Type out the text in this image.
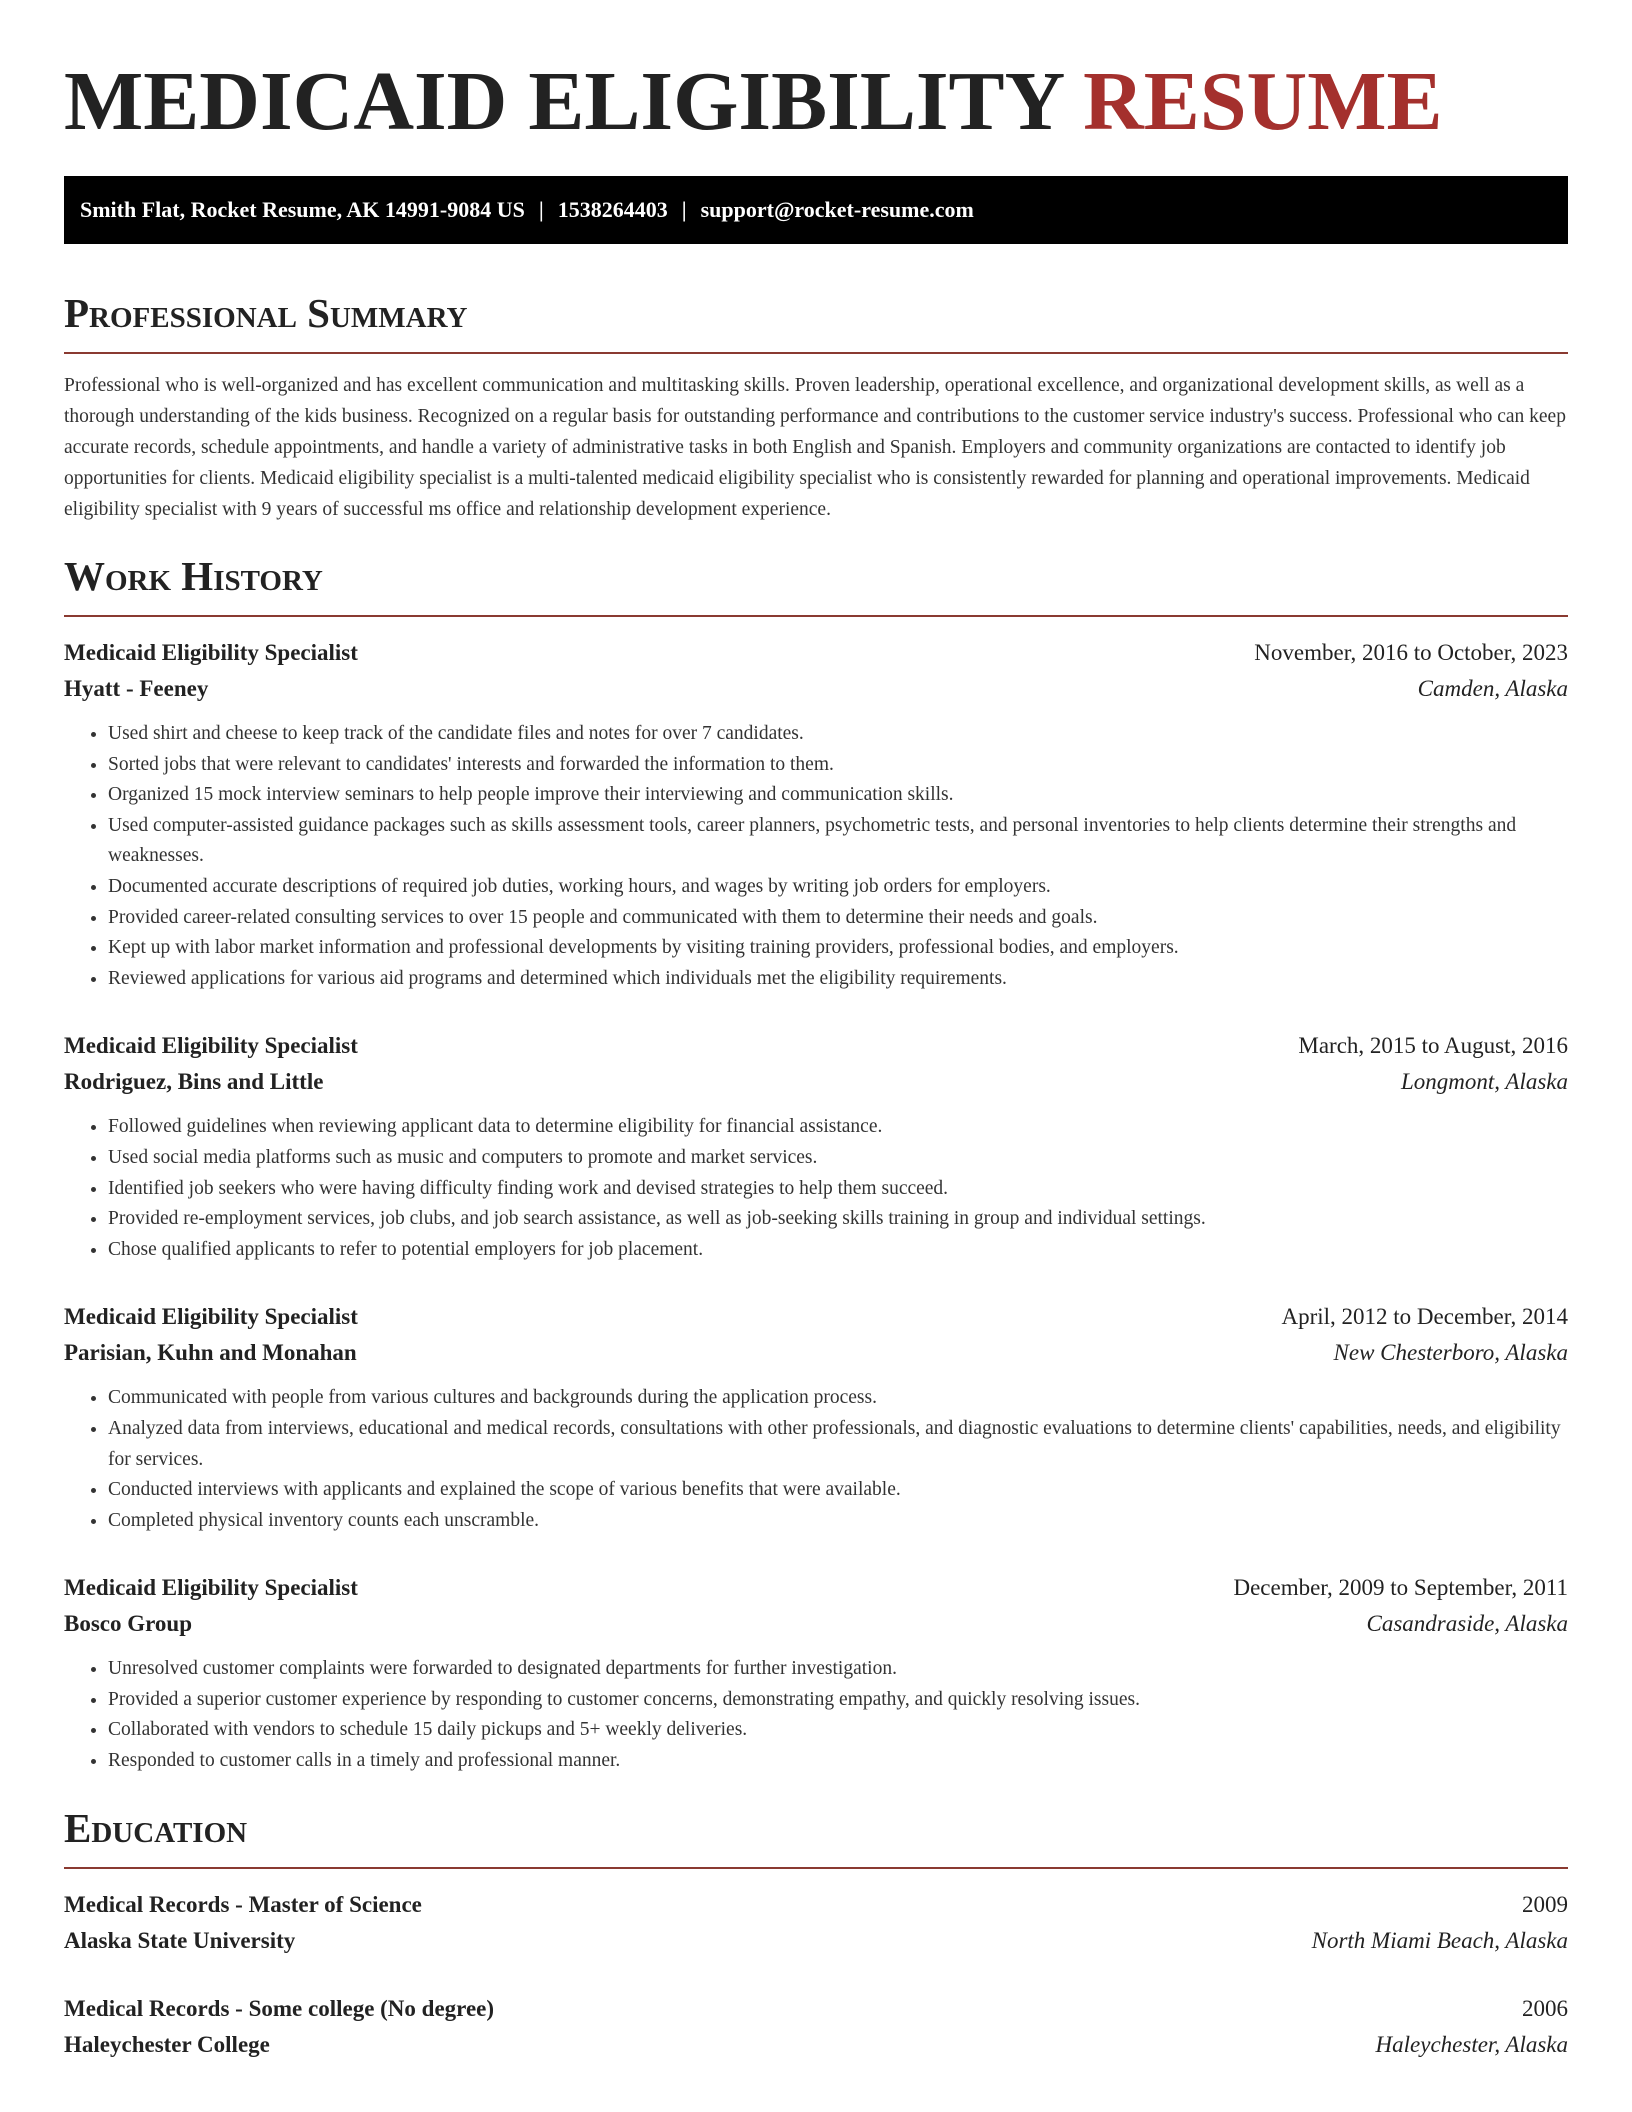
MEDICAID ELIGIBILITY RESUME
Smith Flat, Rocket Resume, AK 14991-9084 US | 1538264403 | support@rocket-resume.com
Professional Summary

Professional who is well-organized and has excellent communication and multitasking skills. Proven leadership, operational excellence, and organizational development skills, as well as a thorough understanding of the kids business. Recognized on a regular basis for outstanding performance and contributions to the customer service industry's success. Professional who can keep accurate records, schedule appointments, and handle a variety of administrative tasks in both English and Spanish. Employers and community organizations are contacted to identify job opportunities for clients. Medicaid eligibility specialist is a multi-talented medicaid eligibility specialist who is consistently rewarded for planning and operational improvements. Medicaid eligibility specialist with 9 years of successful ms office and relationship development experience.

Work History
Medicaid Eligibility Specialist	November, 2016 to October, 2023
Hyatt - Feeney	Camden, Alaska
• Used shirt and cheese to keep track of the candidate files and notes for over 7 candidates.
• Sorted jobs that were relevant to candidates' interests and forwarded the information to them.
• Organized 15 mock interview seminars to help people improve their interviewing and communication skills.
• Used computer-assisted guidance packages such as skills assessment tools, career planners, psychometric tests, and personal inventories to help clients determine their strengths and weaknesses.
• Documented accurate descriptions of required job duties, working hours, and wages by writing job orders for employers.
• Provided career-related consulting services to over 15 people and communicated with them to determine their needs and goals.
• Kept up with labor market information and professional developments by visiting training providers, professional bodies, and employers.
• Reviewed applications for various aid programs and determined which individuals met the eligibility requirements.
Medicaid Eligibility Specialist	March, 2015 to August, 2016
Rodriguez, Bins and Little	Longmont, Alaska
• Followed guidelines when reviewing applicant data to determine eligibility for financial assistance.
• Used social media platforms such as music and computers to promote and market services.
• Identified job seekers who were having difficulty finding work and devised strategies to help them succeed.
• Provided re-employment services, job clubs, and job search assistance, as well as job-seeking skills training in group and individual settings.
• Chose qualified applicants to refer to potential employers for job placement.
Medicaid Eligibility Specialist	April, 2012 to December, 2014
Parisian, Kuhn and Monahan	New Chesterboro, Alaska
• Communicated with people from various cultures and backgrounds during the application process.
• Analyzed data from interviews, educational and medical records, consultations with other professionals, and diagnostic evaluations to determine clients' capabilities, needs, and eligibility for services.
• Conducted interviews with applicants and explained the scope of various benefits that were available.
• Completed physical inventory counts each unscramble.
Medicaid Eligibility Specialist	December, 2009 to September, 2011
Bosco Group	Casandraside, Alaska
• Unresolved customer complaints were forwarded to designated departments for further investigation.
• Provided a superior customer experience by responding to customer concerns, demonstrating empathy, and quickly resolving issues.
• Collaborated with vendors to schedule 15 daily pickups and 5+ weekly deliveries.
• Responded to customer calls in a timely and professional manner.
Education
Medical Records - Master of Science	2009
Alaska State University	North Miami Beach, Alaska
Medical Records - Some college (No degree)	2006
Haleychester College	Haleychester, Alaska
